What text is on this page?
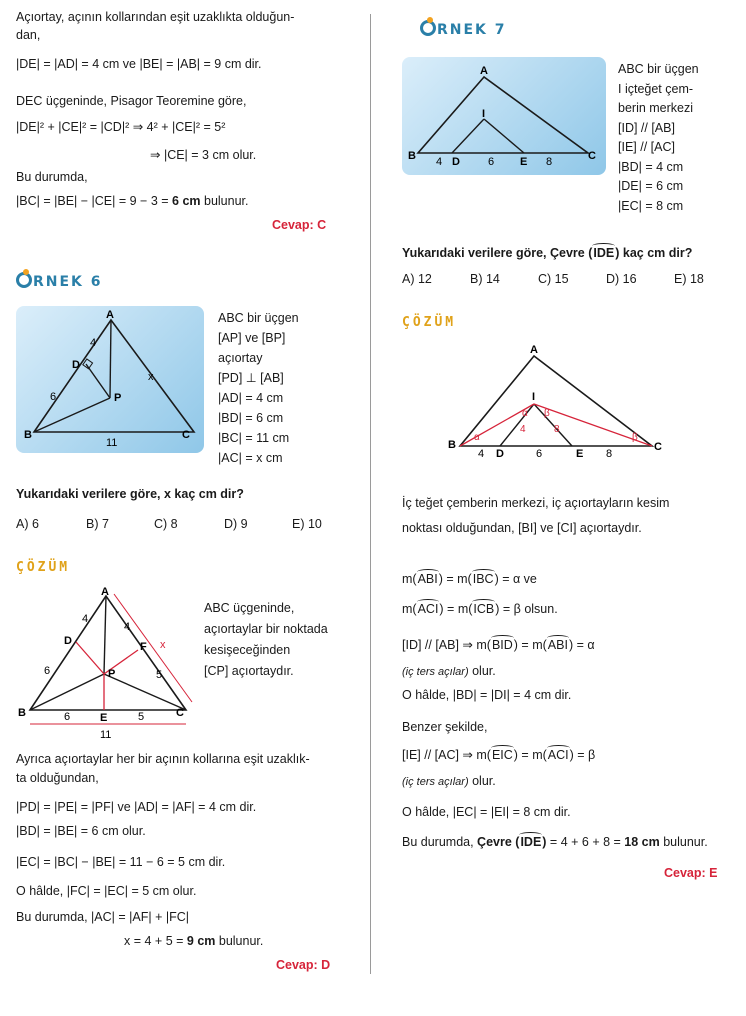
Açıortay, açının kollarından eşit uzaklıkta olduğun-
dan,
|DE| = |AD| = 4 cm ve |BE| = |AB| = 9 cm dir.
DEC üçgeninde, Pisagor Teoremine göre,
|DE|² + |CE|² = |CD|² ⇒ 4² + |CE|² = 5²
⇒ |CE| = 3 cm olur.
Bu durumda,
|BC| = |BE| − |CE| = 9 − 3 = 6 cm bulunur.
Cevap: C
RNEK 6
A
B	C
D
P
4
6
11
x
ABC bir üçgen
[AP] ve [BP]
açıortay
[PD] ⊥ [AB]
|AD| = 4 cm
|BD| = 6 cm
|BC| = 11 cm
|AC| = x cm
Yukarıdaki verilere göre, x kaç cm dir?
A) 6	B) 7	C) 8	D) 9	E) 10
ÇÖZÜM
A
B	C
D
E
F
P
4
4
6
6
5
5
x
11
ABC üçgeninde,
açıortaylar bir noktada
kesişeceğinden
[CP] açıortaydır.
Ayrıca açıortaylar her bir açının kollarına eşit uzaklık-
ta olduğundan,
|PD| = |PE| = |PF| ve |AD| = |AF| = 4 cm dir.
|BD| = |BE| = 6 cm olur.
|EC| = |BC| − |BE| = 11 − 6 = 5 cm dir.
O hâlde, |FC| = |EC| = 5 cm olur.
Bu durumda, |AC| = |AF| + |FC|
x = 4 + 5 = 9 cm bulunur.
Cevap: D
RNEK 7
A
B	C
I
D	E
4	6	8
ABC bir üçgen
I içteğet çem-
berin merkezi
[ID] // [AB]
[IE] // [AC]
|BD| = 4 cm
|DE| = 6 cm
|EC| = 8 cm
Yukarıdaki verilere göre, Çevre (IDE) kaç cm dir?
A) 12	B) 14	C) 15	D) 16	E) 18
ÇÖZÜM
A
B	C
I
D	E
4
4
6	8
8
α
α
β
β
İç teğet çemberin merkezi, iç açıortayların kesim
noktası olduğundan, [BI] ve [CI] açıortaydır.
m(ABI) = m(IBC) = α ve
m(ACI) = m(ICB) = β olsun.
[ID] // [AB] ⇒ m(BID) = m(ABI) = α
(iç ters açılar) olur.
O hâlde, |BD| = |DI| = 4 cm dir.
Benzer şekilde,
[IE] // [AC] ⇒ m(EIC) = m(ACI) = β
(iç ters açılar) olur.
O hâlde, |EC| = |EI| = 8 cm dir.
Bu durumda, Çevre (IDE) = 4 + 6 + 8 = 18 cm bulunur.
Cevap: E
